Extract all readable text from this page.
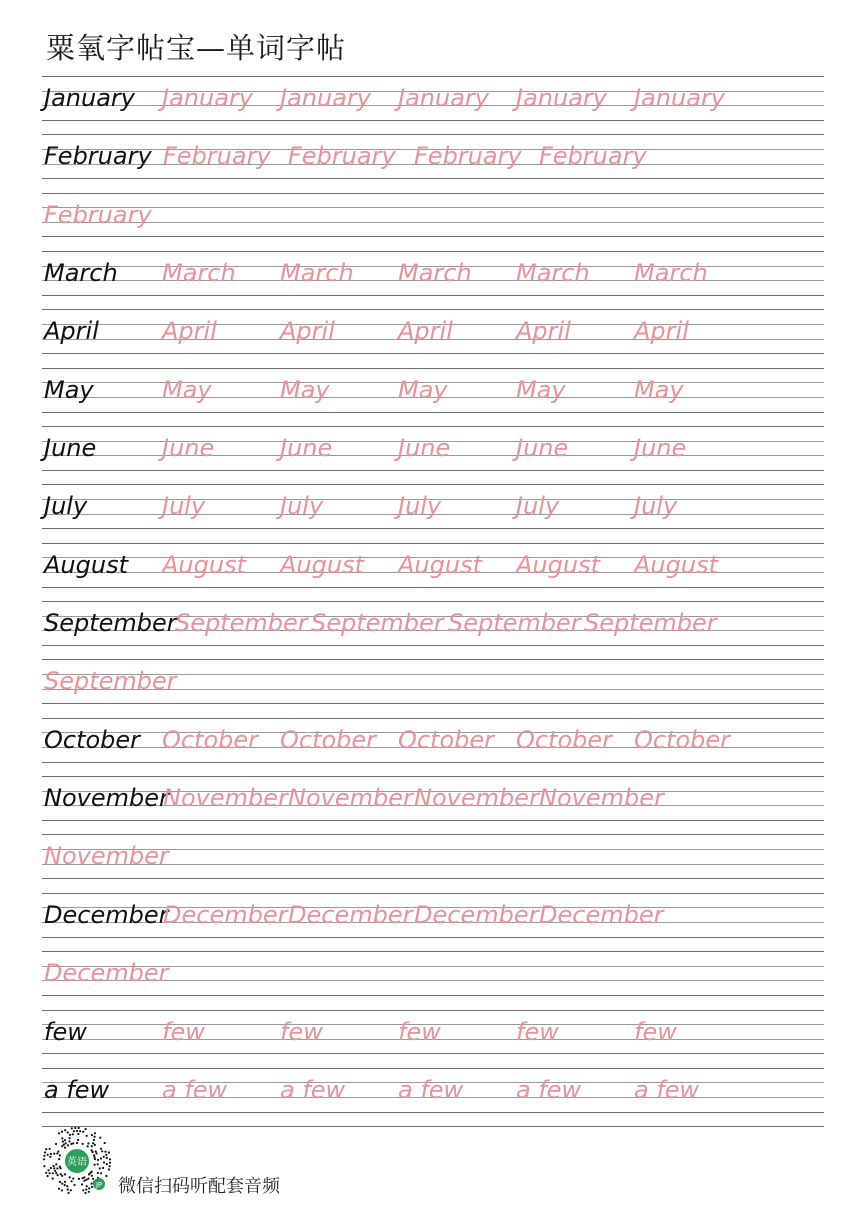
粟氧字帖宝—单词字帖
January January January January January January
February February February February February
February
March March March March March March
April	April	April	April	April	April
May	May	May	May	May	May
June	June	June	June	June	June
July	July	July	July	July	July
August August August August August August
September
September September September September
September
October October October October October October
November
November November November November
November
December
December December December December
December
few	few	few	few	few	few
a few a few a few a few a few a few
英语
JP 微信扫码听配套音频
